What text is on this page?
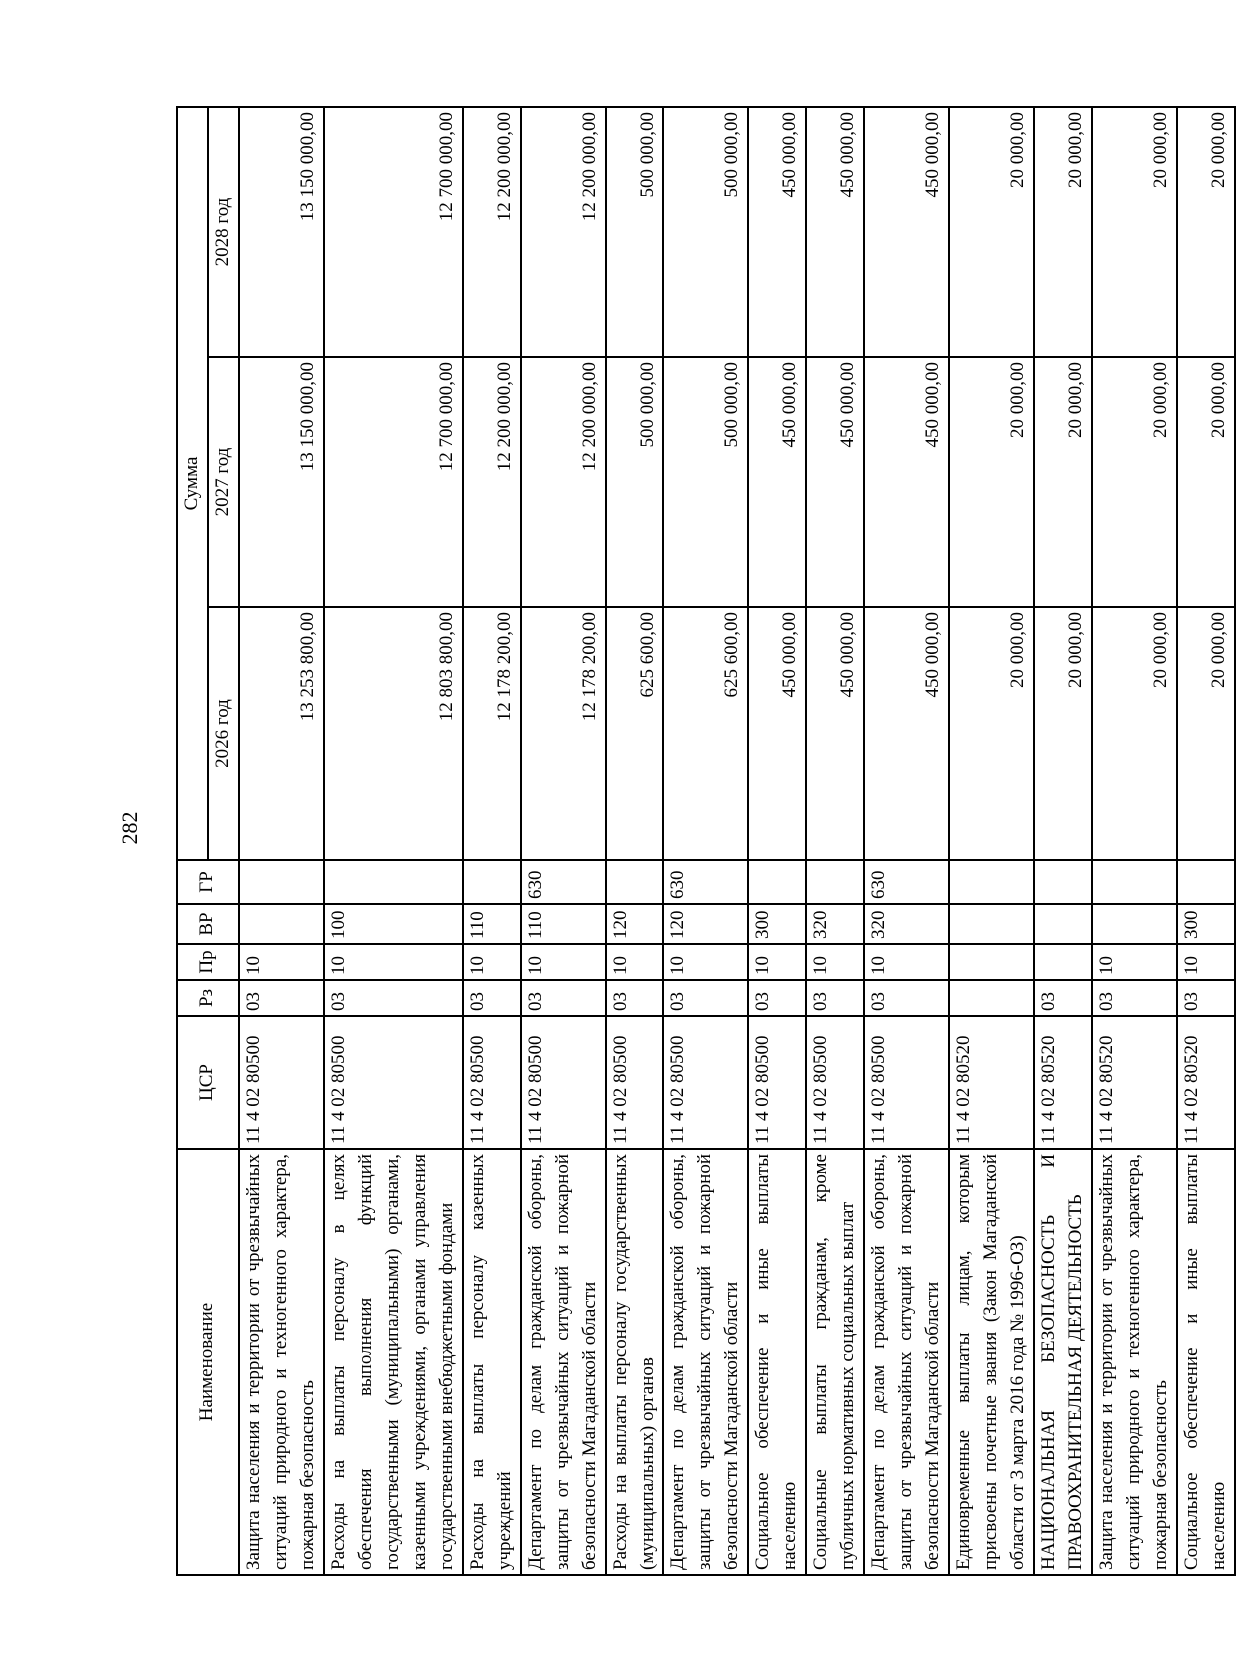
282
Наименование	ЦСР	Рз	Пр	ВР	ГР	Сумма		
						2026 год	2027 год	2028 год
Защита населения и территории от чрезвычайных ситуаций природного и техногенного характера, пожарная безопасность	11 4 02 80500	03	10			13 253 800,00	13 150 000,00	13 150 000,00
Расходы на выплаты персоналу в целях обеспечения выполнения функций государственными (муниципальными) органами, казенными учреждениями, органами управления государственными внебюджетными фондами	11 4 02 80500	03	10	100		12 803 800,00	12 700 000,00	12 700 000,00
Расходы на выплаты персоналу казенных учреждений	11 4 02 80500	03	10	110		12 178 200,00	12 200 000,00	12 200 000,00
Департамент по делам гражданской обороны, защиты от чрезвычайных ситуаций и пожарной безопасности Магаданской области	11 4 02 80500	03	10	110	630	12 178 200,00	12 200 000,00	12 200 000,00
Расходы на выплаты персоналу государственных (муниципальных) органов	11 4 02 80500	03	10	120		625 600,00	500 000,00	500 000,00
Департамент по делам гражданской обороны, защиты от чрезвычайных ситуаций и пожарной безопасности Магаданской области	11 4 02 80500	03	10	120	630	625 600,00	500 000,00	500 000,00
Социальное обеспечение и иные выплаты населению	11 4 02 80500	03	10	300		450 000,00	450 000,00	450 000,00
Социальные выплаты гражданам, кроме публичных нормативных социальных выплат	11 4 02 80500	03	10	320		450 000,00	450 000,00	450 000,00
Департамент по делам гражданской обороны, защиты от чрезвычайных ситуаций и пожарной безопасности Магаданской области	11 4 02 80500	03	10	320	630	450 000,00	450 000,00	450 000,00
Единовременные выплаты лицам, которым присвоены почетные звания (Закон Магаданской области от 3 марта 2016 года № 1996-ОЗ)	11 4 02 80520					20 000,00	20 000,00	20 000,00
НАЦИОНАЛЬНАЯ БЕЗОПАСНОСТЬ И ПРАВООХРАНИТЕЛЬНАЯ ДЕЯТЕЛЬНОСТЬ	11 4 02 80520	03				20 000,00	20 000,00	20 000,00
Защита населения и территории от чрезвычайных ситуаций природного и техногенного характера, пожарная безопасность	11 4 02 80520	03	10			20 000,00	20 000,00	20 000,00
Социальное обеспечение и иные выплаты населению	11 4 02 80520	03	10	300		20 000,00	20 000,00	20 000,00
